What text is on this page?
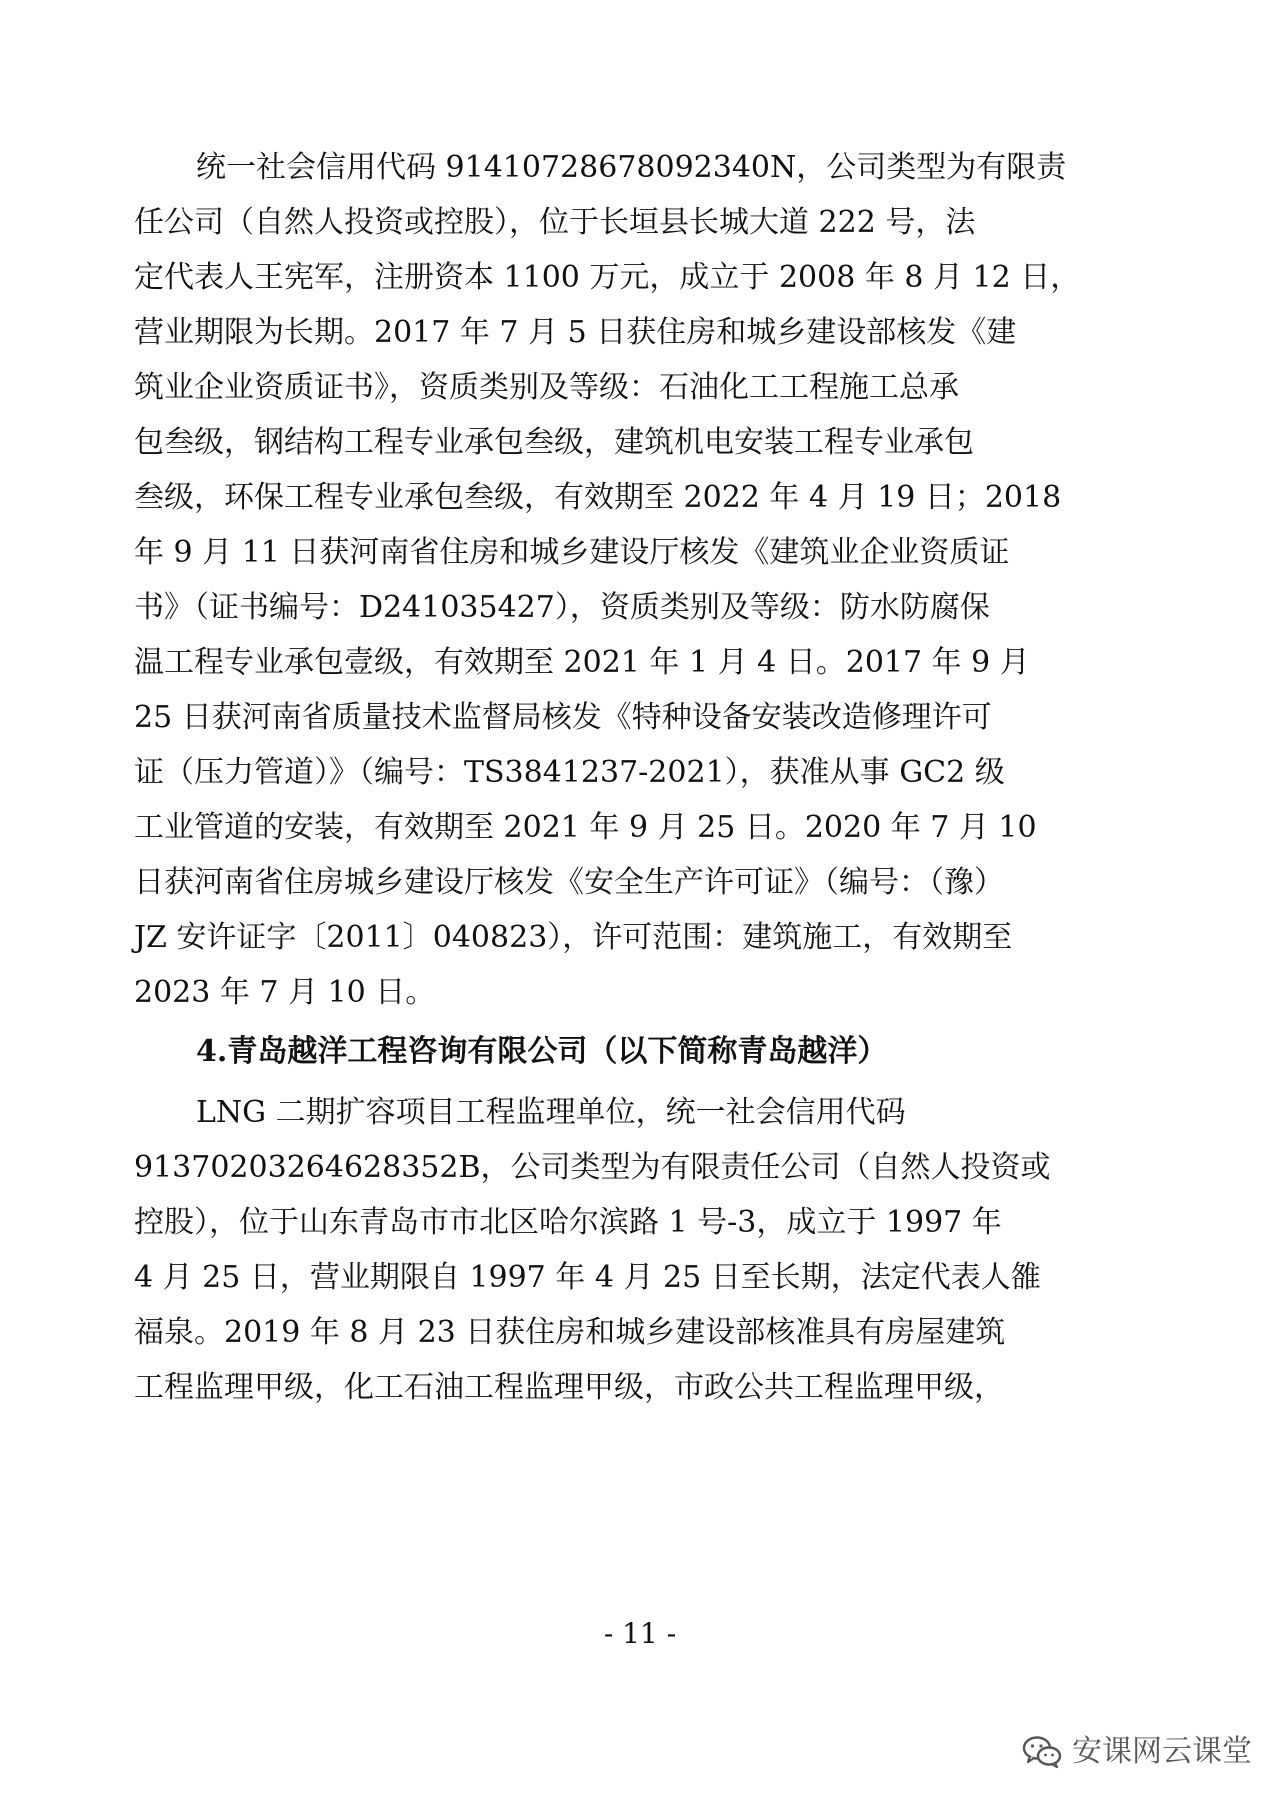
统一社会信用代码 91410728678092340N，公司类型为有限责
任公司（自然人投资或控股），位于长垣县长城大道 222 号，法
定代表人王宪军，注册资本 1100 万元，成立于 2008 年 8 月 12 日，
营业期限为长期。2017 年 7 月 5 日获住房和城乡建设部核发《建
筑业企业资质证书》，资质类别及等级：石油化工工程施工总承
包叁级，钢结构工程专业承包叁级，建筑机电安装工程专业承包
叁级，环保工程专业承包叁级，有效期至 2022 年 4 月 19 日；2018
年 9 月 11 日获河南省住房和城乡建设厅核发《建筑业企业资质证
书》（证书编号：D241035427），资质类别及等级：防水防腐保
温工程专业承包壹级，有效期至 2021 年 1 月 4 日。2017 年 9 月
25 日获河南省质量技术监督局核发《特种设备安装改造修理许可
证（压力管道）》（编号：TS3841237-2021），获准从事 GC2 级
工业管道的安装，有效期至 2021 年 9 月 25 日。2020 年 7 月 10
日获河南省住房城乡建设厅核发《安全生产许可证》（编号：（豫）
JZ 安许证字〔2011〕040823），许可范围：建筑施工，有效期至
2023 年 7 月 10 日。
4.青岛越洋工程咨询有限公司（以下简称青岛越洋）
LNG 二期扩容项目工程监理单位，统一社会信用代码
91370203264628352B，公司类型为有限责任公司（自然人投资或
控股），位于山东青岛市市北区哈尔滨路 1 号-3，成立于 1997 年
4 月 25 日，营业期限自 1997 年 4 月 25 日至长期，法定代表人雒
福泉。2019 年 8 月 23 日获住房和城乡建设部核准具有房屋建筑
工程监理甲级，化工石油工程监理甲级，市政公共工程监理甲级，
- 11 -
安课网云课堂
